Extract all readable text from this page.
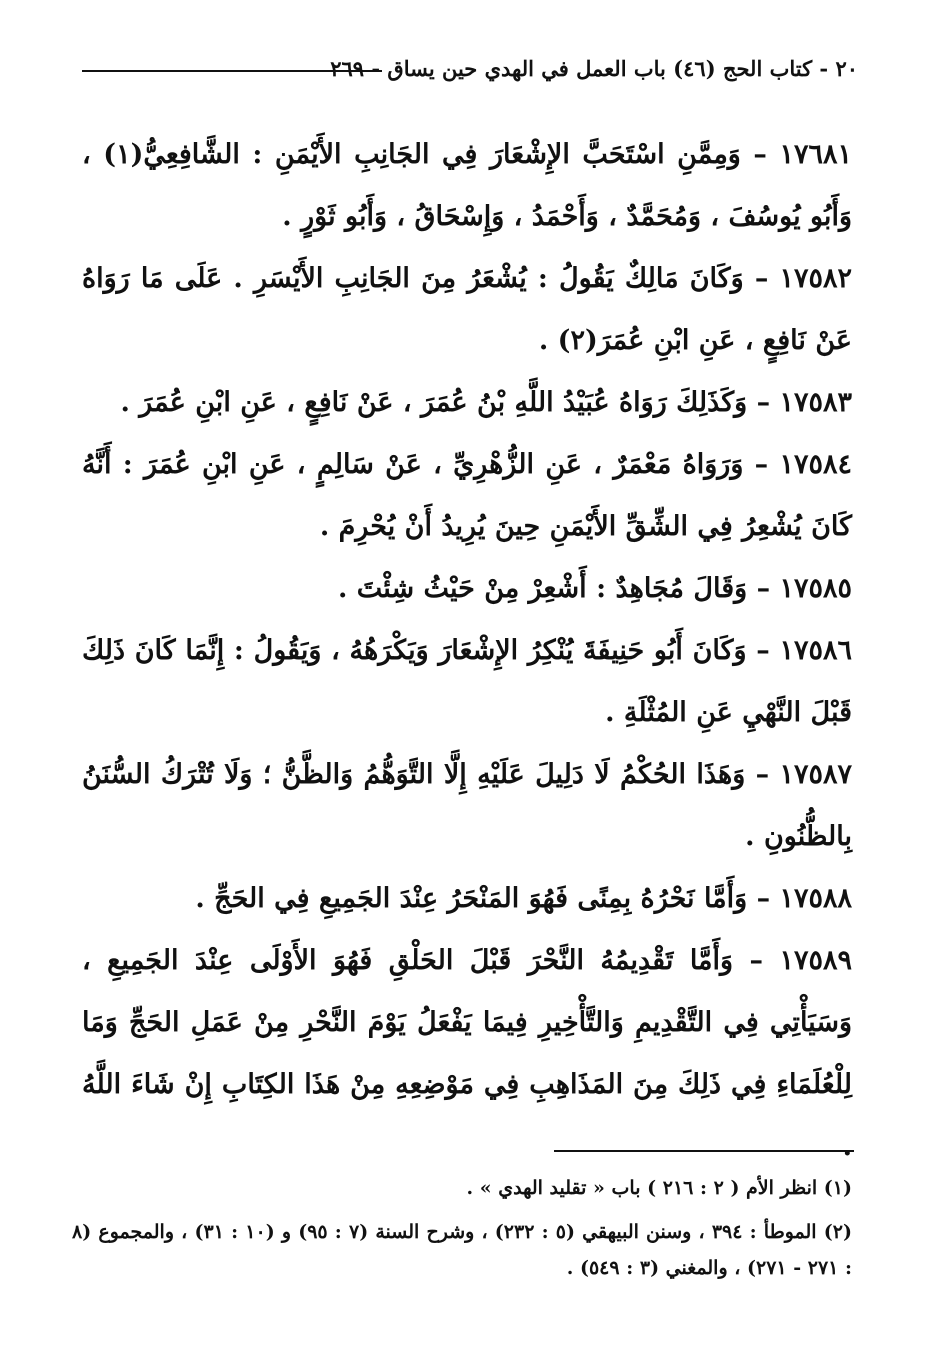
٢٠ - كتاب الحج (٤٦) باب العمل في الهدي حين يساق - ٢٦٩

١٧٦٨١ – وَمِمَّنِ اسْتَحَبَّ الإِشْعَارَ فِي الجَانِبِ الأَيْمَنِ : الشَّافِعِيُّ(١) ، وَأَبُو يُوسُفَ ، وَمُحَمَّدٌ ، وَأَحْمَدُ ، وَإِسْحَاقُ ، وَأَبُو ثَوْرٍ .

١٧٥٨٢ – وَكَانَ مَالِكٌ يَقُولُ : يُشْعَرُ مِنَ الجَانِبِ الأَيْسَرِ . عَلَى مَا رَوَاهُ عَنْ نَافِعٍ ، عَنِ ابْنِ عُمَرَ(٢) .

١٧٥٨٣ – وَكَذَلِكَ رَوَاهُ عُبَيْدُ اللَّهِ بْنُ عُمَرَ ، عَنْ نَافِعٍ ، عَنِ ابْنِ عُمَرَ .

١٧٥٨٤ – وَرَوَاهُ مَعْمَرٌ ، عَنِ الزُّهْرِيِّ ، عَنْ سَالِمٍ ، عَنِ ابْنِ عُمَرَ : أَنَّهُ كَانَ يُشْعِرُ فِي الشِّقِّ الأَيْمَنِ حِينَ يُرِيدُ أَنْ يُحْرِمَ .

١٧٥٨٥ – وَقَالَ مُجَاهِدٌ : أَشْعِرْ مِنْ حَيْثُ شِئْتَ .

١٧٥٨٦ – وَكَانَ أَبُو حَنِيفَةَ يُنْكِرُ الإِشْعَارَ وَيَكْرَهُهُ ، وَيَقُولُ : إِنَّمَا كَانَ ذَلِكَ قَبْلَ النَّهْيِ عَنِ المُثْلَةِ .

١٧٥٨٧ – وَهَذَا الحُكْمُ لَا دَلِيلَ عَلَيْهِ إِلَّا التَّوَهُّمُ وَالظَّنُّ ؛ وَلَا تُتْرَكُ السُّنَنُ بِالظُّنُونِ .

١٧٥٨٨ – وَأَمَّا نَحْرُهُ بِمِنًى فَهُوَ المَنْحَرُ عِنْدَ الجَمِيعِ فِي الحَجِّ .

١٧٥٨٩ – وَأَمَّا تَقْدِيمُهُ النَّحْرَ قَبْلَ الحَلْقِ فَهُوَ الأَوْلَى عِنْدَ الجَمِيعِ ، وَسَيَأْتِي فِي التَّقْدِيمِ وَالتَّأْخِيرِ فِيمَا يَفْعَلُ يَوْمَ النَّحْرِ مِنْ عَمَلِ الحَجِّ وَمَا لِلْعُلَمَاءِ فِي ذَلِكَ مِنَ المَذَاهِبِ فِي مَوْضِعِهِ مِنْ هَذَا الكِتَابِ إِنْ شَاءَ اللَّهُ .

(١) انظر الأم ( ٢ : ٢١٦ ) باب « تقليد الهدي » .

(٢) الموطأ : ٣٩٤ ، وسنن البيهقي (٥ : ٢٣٢) ، وشرح السنة (٧ : ٩٥) و (١٠ : ٣١) ، والمجموع (٨ : ٢٧١ - ٢٧١) ، والمغني (٣ : ٥٤٩) .
